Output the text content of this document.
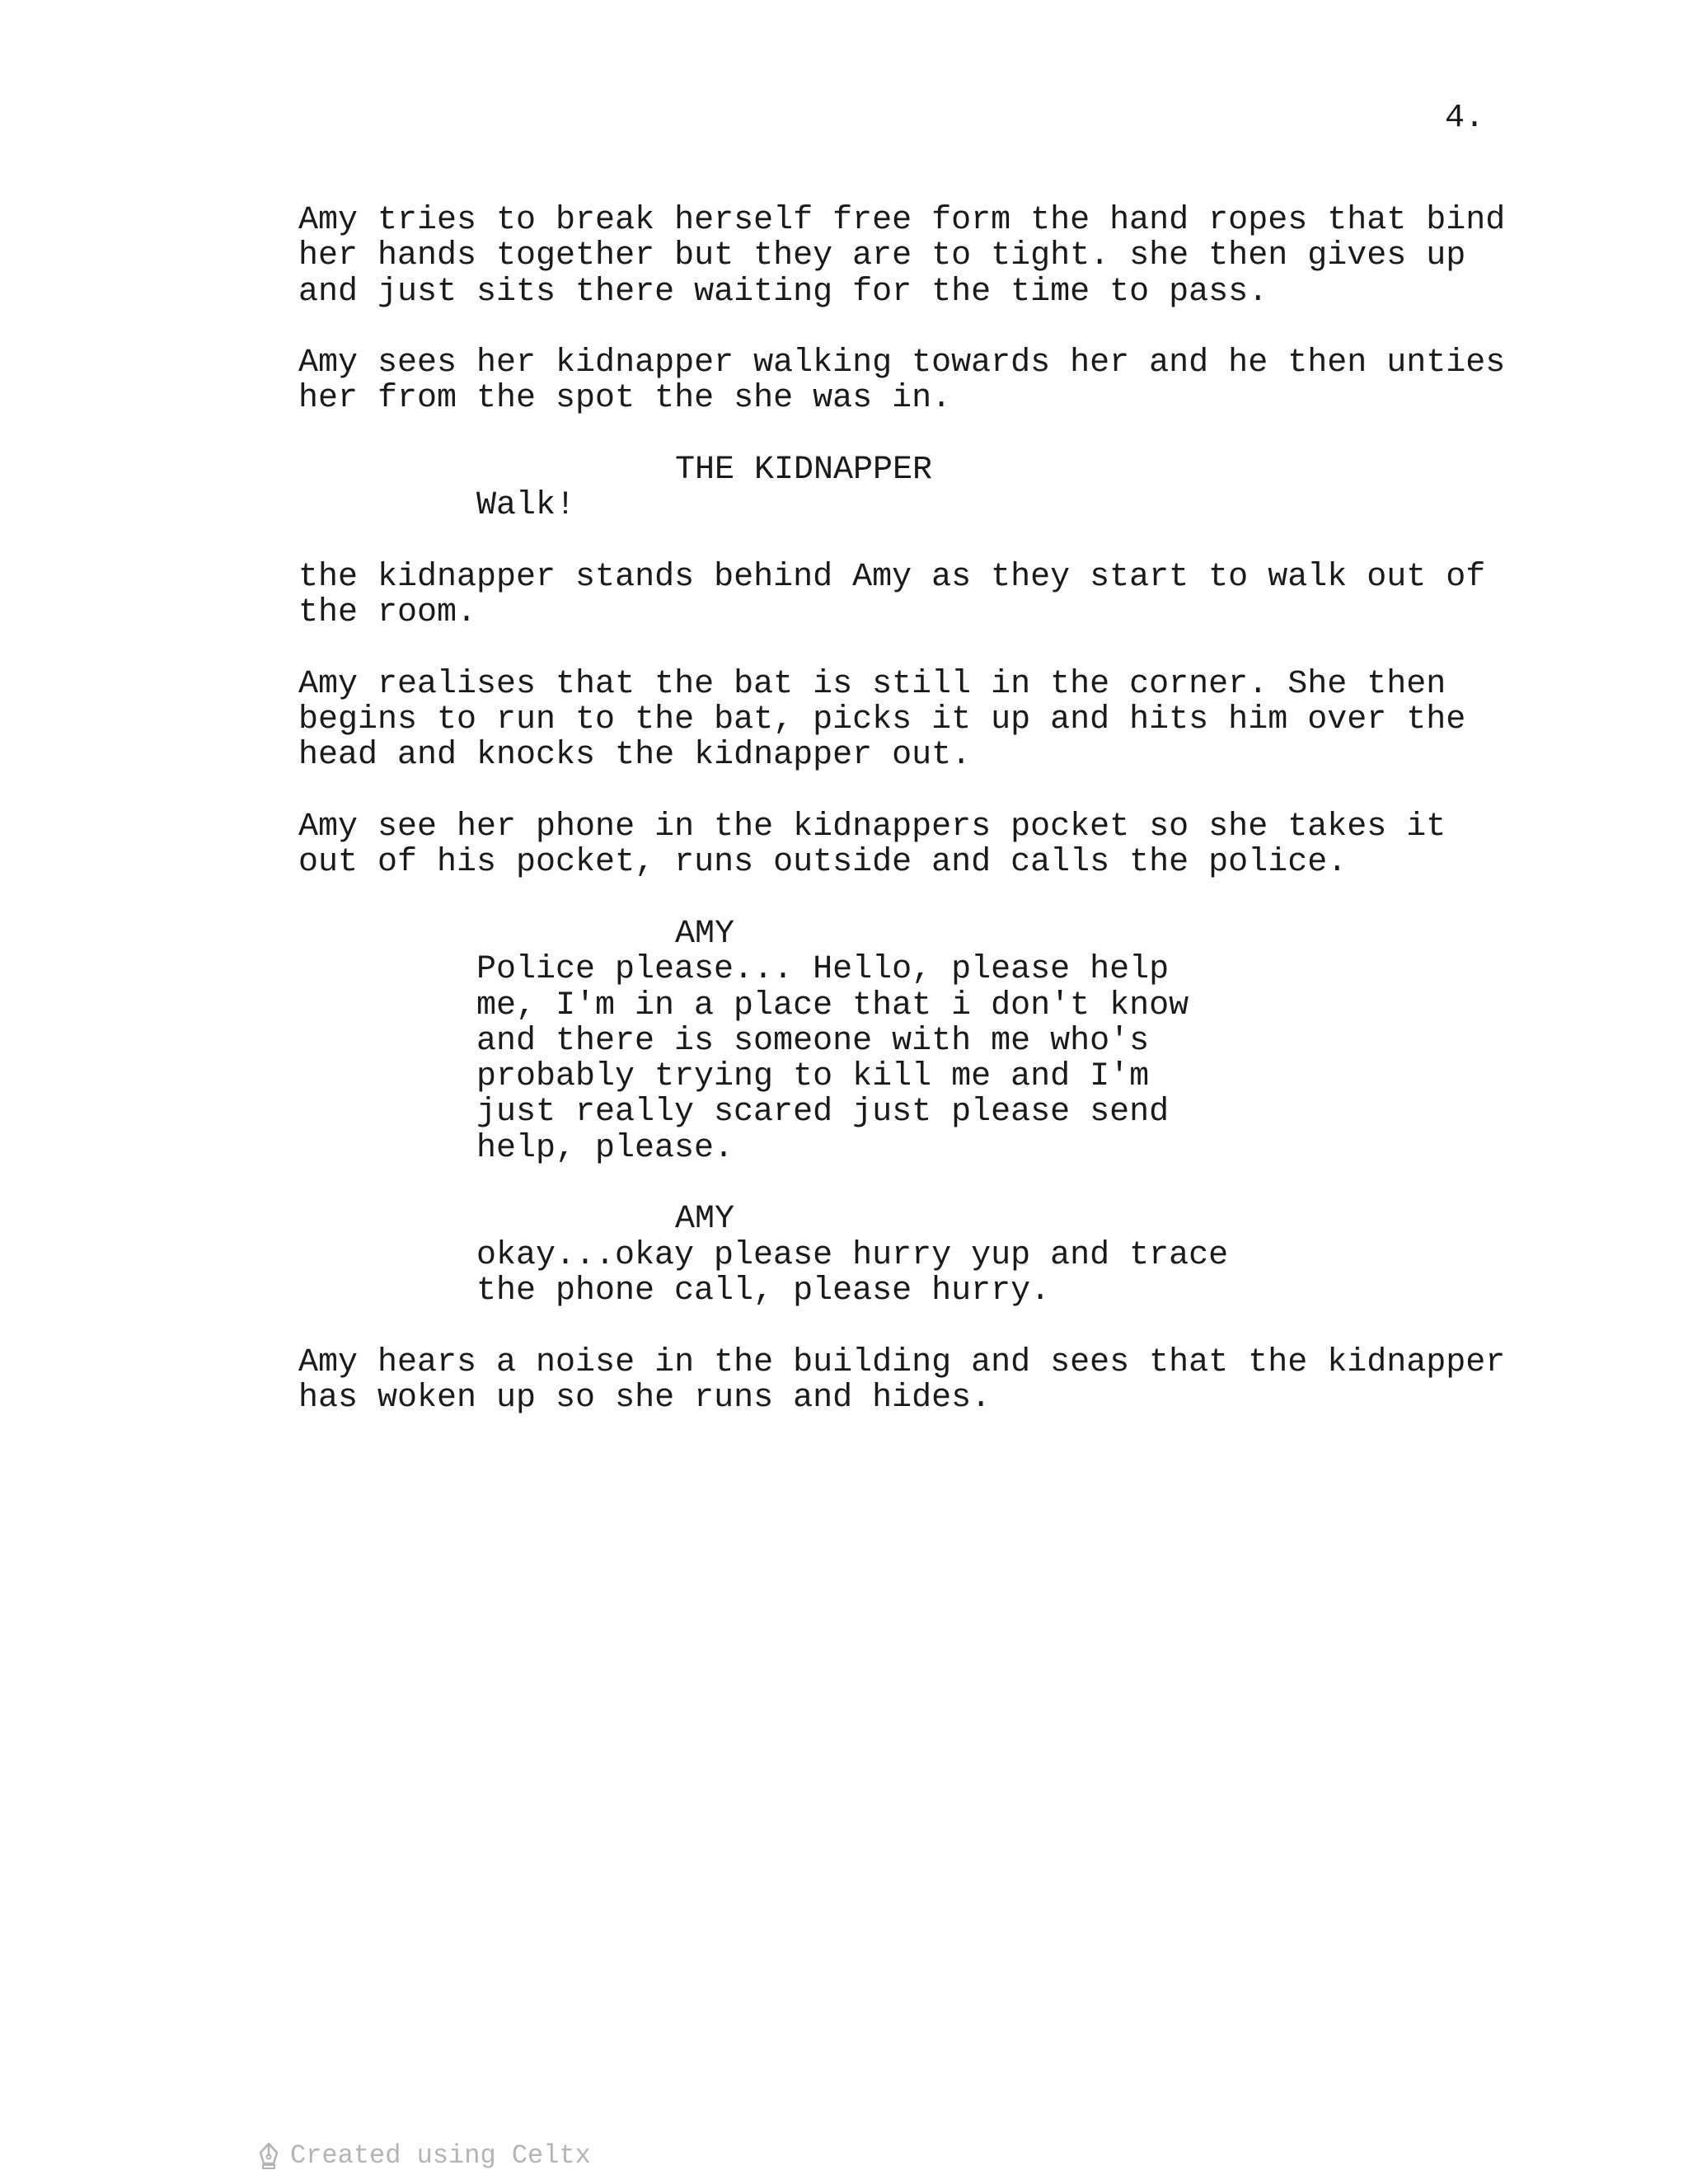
4.

Amy tries to break herself free form the hand ropes that bind
her hands together but they are to tight. she then gives up
and just sits there waiting for the time to pass.

Amy sees her kidnapper walking towards her and he then unties
her from the spot the she was in.

THE KIDNAPPER

Walk!

the kidnapper stands behind Amy as they start to walk out of
the room.

Amy realises that the bat is still in the corner. She then
begins to run to the bat, picks it up and hits him over the
head and knocks the kidnapper out.

Amy see her phone in the kidnappers pocket so she takes it
out of his pocket, runs outside and calls the police.

AMY

Police please... Hello, please help
me, I'm in a place that i don't know
and there is someone with me who's
probably trying to kill me and I'm
just really scared just please send
help, please.

AMY

okay...okay please hurry yup and trace
the phone call, please hurry.

Amy hears a noise in the building and sees that the kidnapper
has woken up so she runs and hides.

Created using Celtx
